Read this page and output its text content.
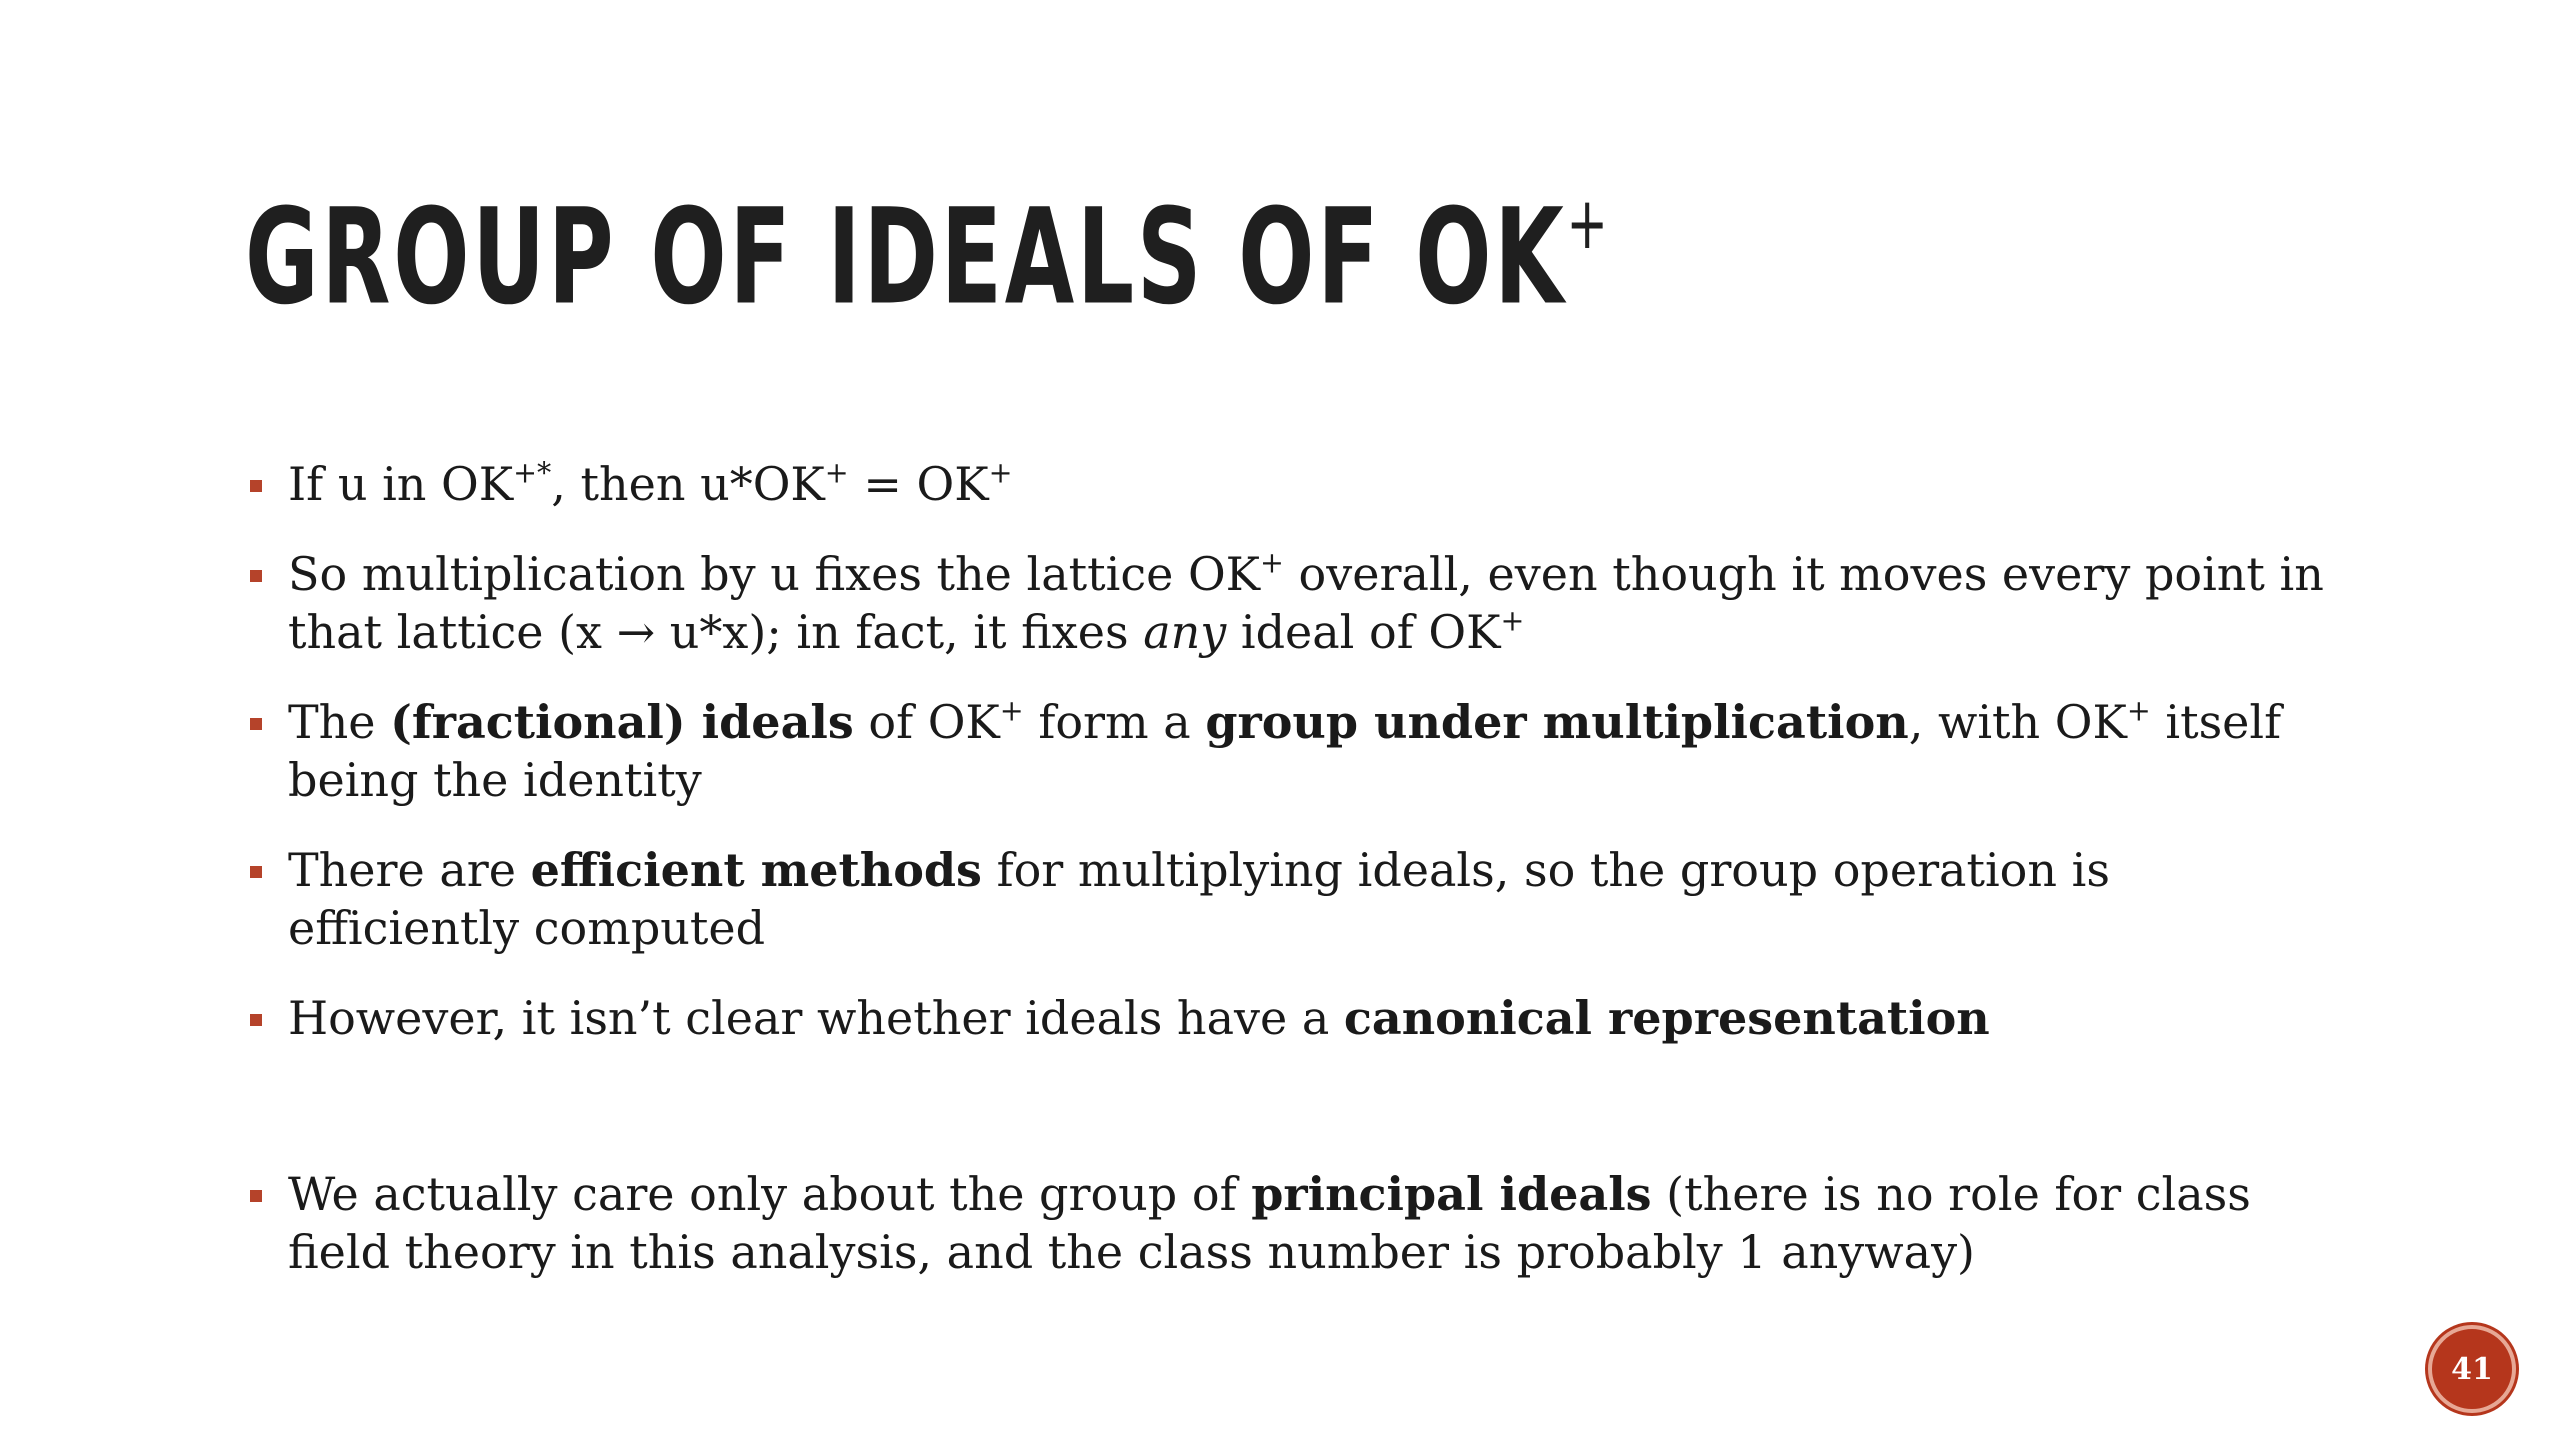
GROUP OF IDEALS OF OK+
If u in OK+*, then u*OK+ = OK+
So multiplication by u fixes the lattice OK+ overall, even though it moves every point in that lattice (x → u*x); in fact, it fixes any ideal of OK+
The (fractional) ideals of OK+ form a group under multiplication, with OK+ itself being the identity
There are efficient methods for multiplying ideals, so the group operation is efficiently computed
However, it isn’t clear whether ideals have a canonical representation
We actually care only about the group of principal ideals (there is no role for class field theory in this analysis, and the class number is probably 1 anyway)
41
